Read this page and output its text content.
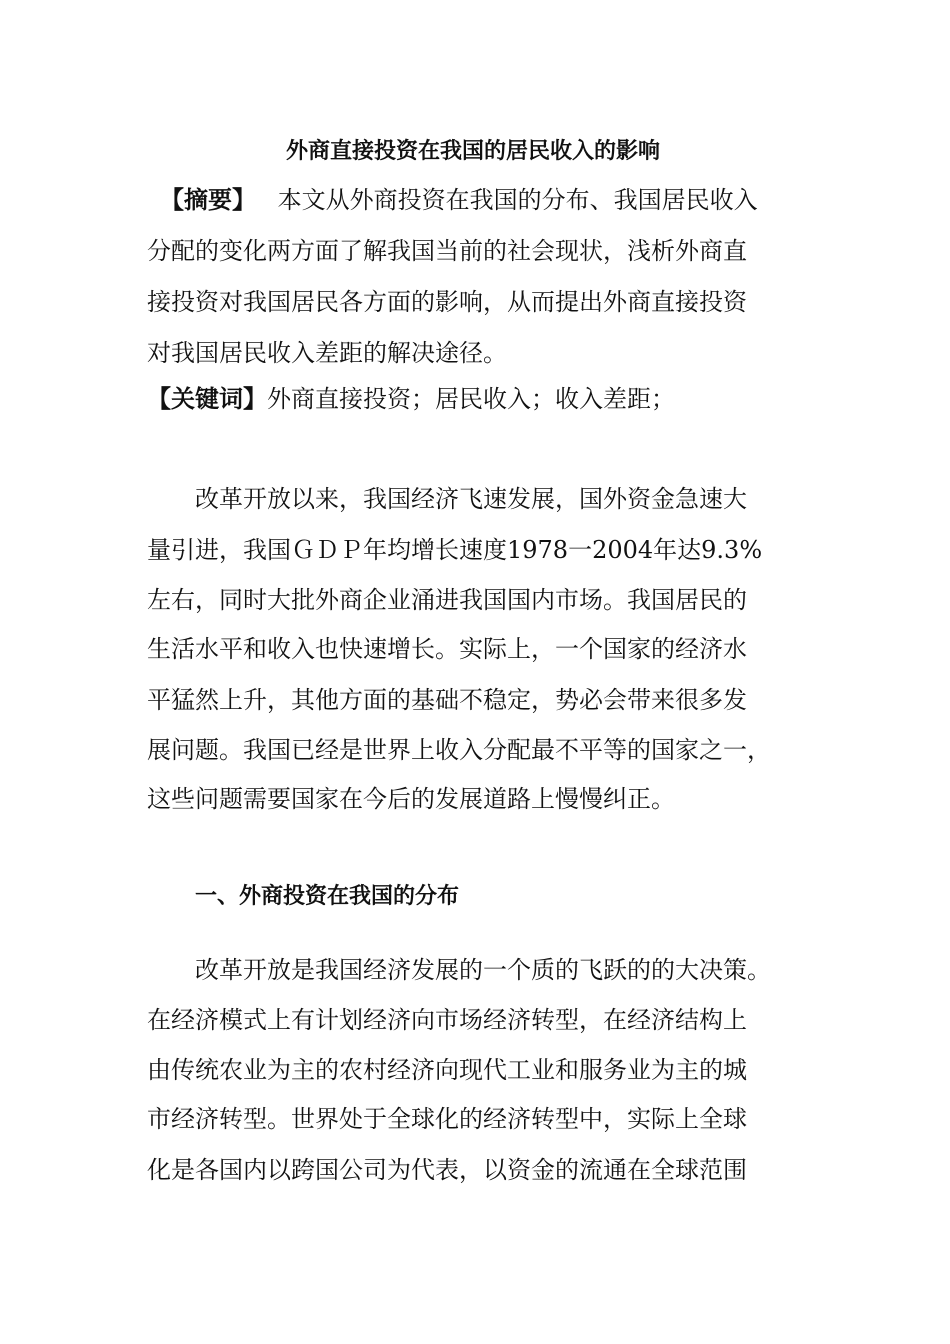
外商直接投资在我国的居民收入的影响
【摘要】 本文从外商投资在我国的分布、我国居民收入
分配的变化两方面了解我国当前的社会现状，浅析外商直
接投资对我国居民各方面的影响，从而提出外商直接投资
对我国居民收入差距的解决途径。
【关键词】外商直接投资；居民收入；收入差距；
改革开放以来，我国经济飞速发展，国外资金急速大
量引进，我国ＧＤＰ年均增长速度1978一2004年达9.3%
左右，同时大批外商企业涌进我国国内市场。我国居民的
生活水平和收入也快速增长。实际上，一个国家的经济水
平猛然上升，其他方面的基础不稳定，势必会带来很多发
展问题。我国已经是世界上收入分配最不平等的国家之一，
这些问题需要国家在今后的发展道路上慢慢纠正。
一、外商投资在我国的分布
改革开放是我国经济发展的一个质的飞跃的的大决策。
在经济模式上有计划经济向市场经济转型，在经济结构上
由传统农业为主的农村经济向现代工业和服务业为主的城
市经济转型。世界处于全球化的经济转型中，实际上全球
化是各国内以跨国公司为代表，以资金的流通在全球范围
